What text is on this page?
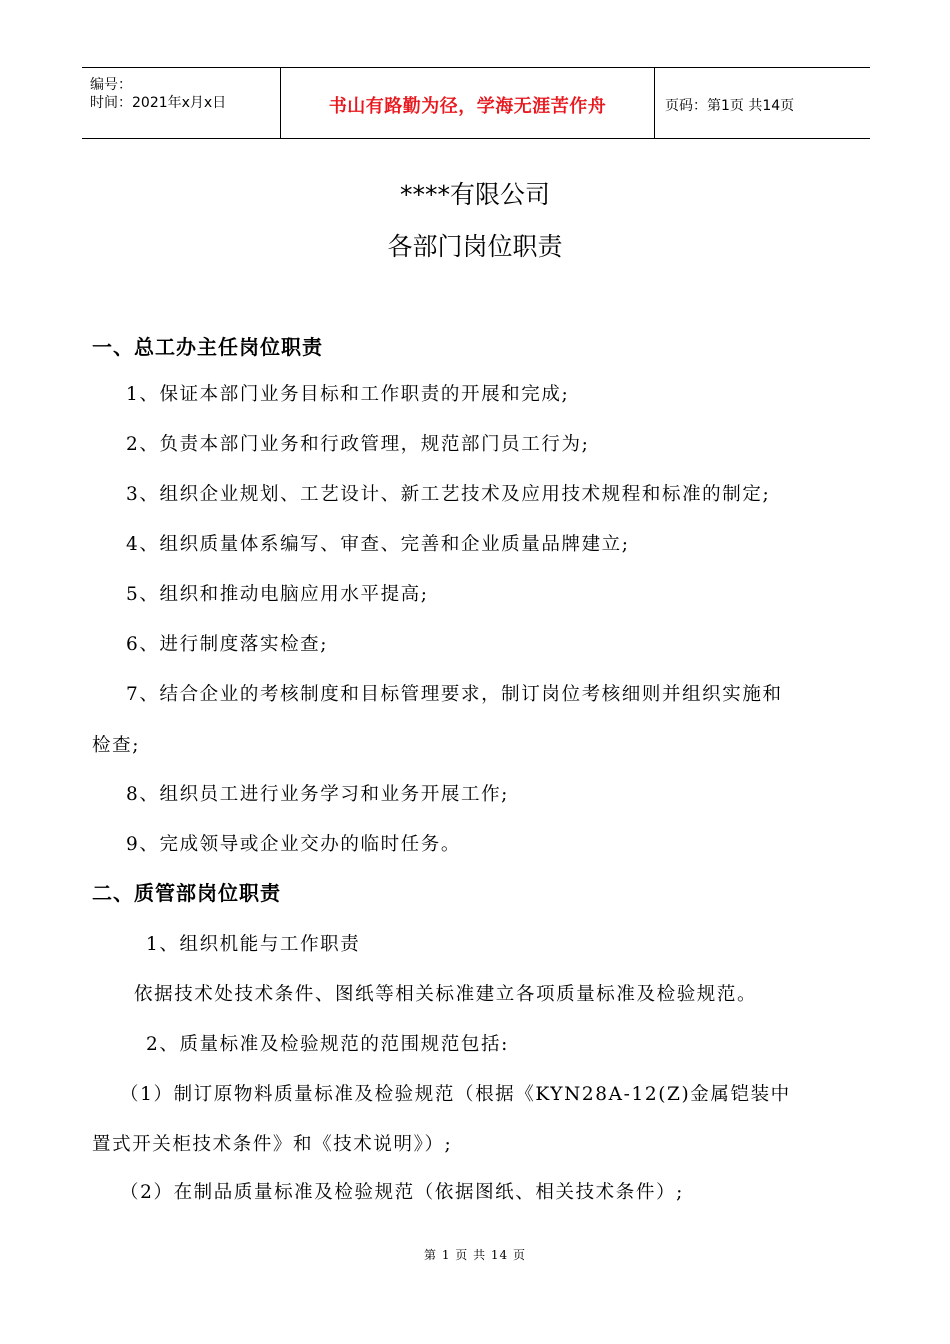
编号：
时间：2021年x月x日	书山有路勤为径，学海无涯苦作舟	页码：第1页 共14页
****有限公司
各部门岗位职责
一、总工办主任岗位职责
1、保证本部门业务目标和工作职责的开展和完成;
2、负责本部门业务和行政管理，规范部门员工行为;
3、组织企业规划、工艺设计、新工艺技术及应用技术规程和标准的制定;
4、组织质量体系编写、审查、完善和企业质量品牌建立;
5、组织和推动电脑应用水平提高;
6、进行制度落实检查;
7、结合企业的考核制度和目标管理要求，制订岗位考核细则并组织实施和
检查;
8、组织员工进行业务学习和业务开展工作;
9、完成领导或企业交办的临时任务。
二、质管部岗位职责
1、组织机能与工作职责
依据技术处技术条件、图纸等相关标准建立各项质量标准及检验规范。
2、质量标准及检验规范的范围规范包括:
（1）制订原物料质量标准及检验规范（根据《KYN28A-12(Z)金属铠装中
置式开关柜技术条件》和《技术说明》）;
（2）在制品质量标准及检验规范（依据图纸、相关技术条件）;
第 1 页 共 14 页
